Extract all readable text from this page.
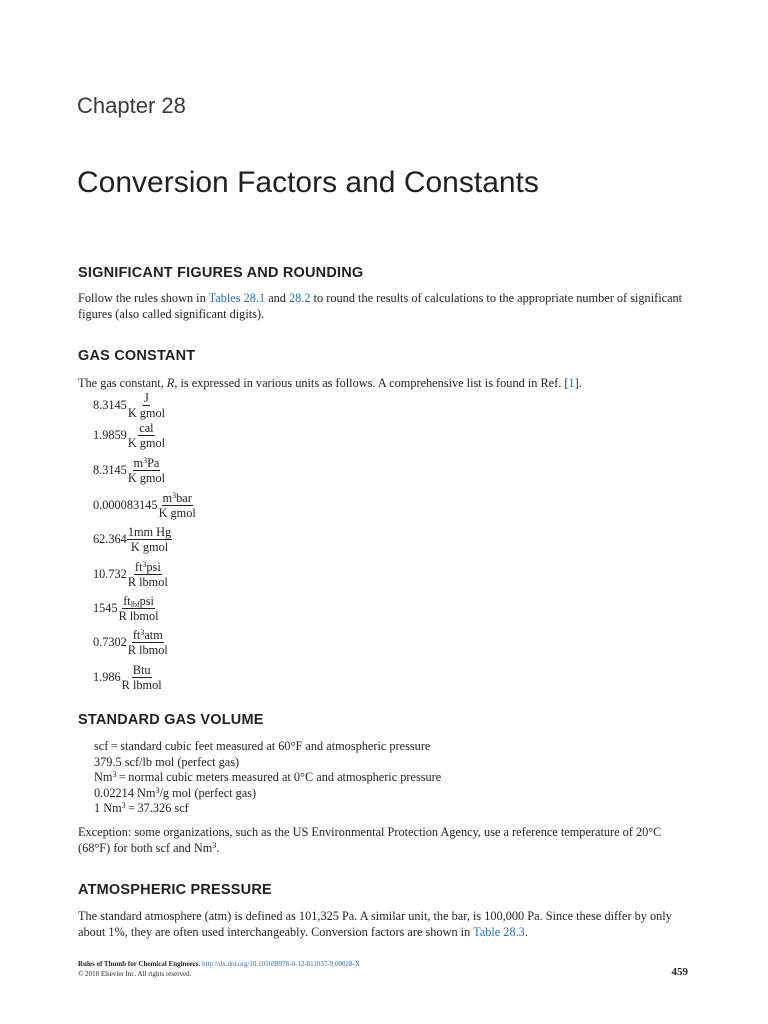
Chapter 28
Conversion Factors and Constants
SIGNIFICANT FIGURES AND ROUNDING
Follow the rules shown in Tables 28.1 and 28.2 to round the results of calculations to the appropriate number of significant figures (also called significant digits).
GAS CONSTANT
The gas constant, R, is expressed in various units as follows. A comprehensive list is found in Ref. [1].
$8.3145 \frac{J}{\text{K gmol}}$
$1.9859 \frac{\text{cal}}{\text{K gmol}}$
$8.3145 \frac{m^3Pa}{\text{K gmol}}$
$0.000083145 \frac{m^3bar}{\text{K gmol}}$
$62.364 \frac{\text{1mm Hg}}{\text{K gmol}}$
$10.732 \frac{ft^3psi}{\text{R lbmol}}$
$1545 \frac{ft_{lbf}psi}{\text{R lbmol}}$
$0.7302 \frac{ft^3atm}{\text{R lbmol}}$
$1.986 \frac{\text{Btu}}{\text{R lbmol}}$
STANDARD GAS VOLUME
scf = standard cubic feet measured at 60°F and atmospheric pressure
379.5 scf/lb mol (perfect gas)
$Nm^3$ = normal cubic meters measured at 0°C and atmospheric pressure
0.02214 Nm$^3$/g mol (perfect gas)
1 $Nm^3 = 37.326$ scf
Exception: some organizations, such as the US Environmental Protection Agency, use a reference temperature of 20°C (68°F) for both scf and Nm$^3$.
ATMOSPHERIC PRESSURE
The standard atmosphere (atm) is defined as 101,325 Pa. A similar unit, the bar, is 100,000 Pa. Since these differ by only about 1%, they are often used interchangeably. Conversion factors are shown in Table 28.3.
Rules of Thumb for Chemical Engineers. http://dx.doi.org/10.1016/B978-0-12-811037-9.00028-X
© 2018 Elsevier Inc. All rights reserved.	459
